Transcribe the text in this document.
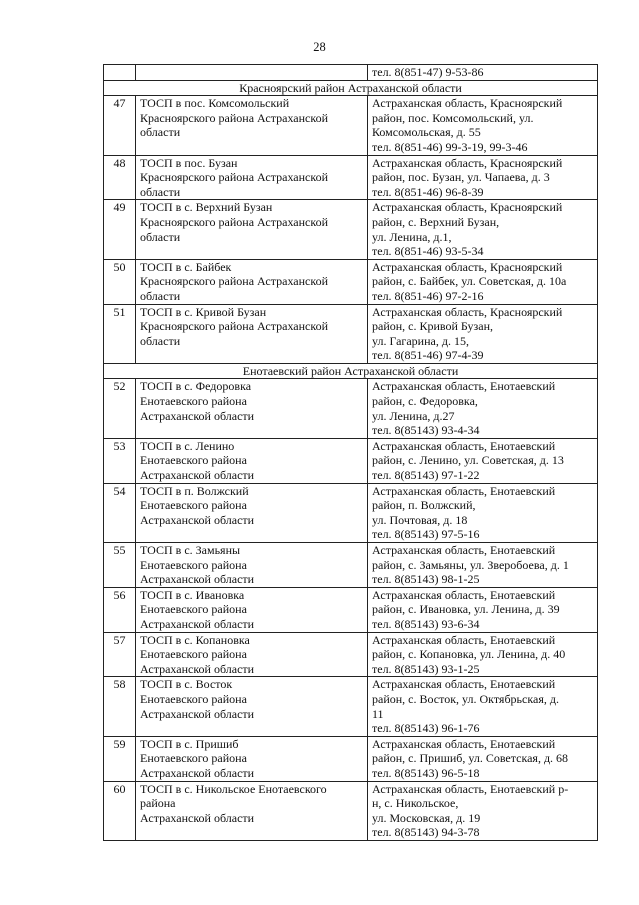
28

		тел. 8(851-47) 9-53-86

Красноярский район Астраханской области		
47	ТОСП в пос. Комсомольский
Красноярского района Астраханской
области	Астраханская область, Красноярский
район, пос. Комсомольский, ул.
Комсомольская, д. 55
тел. 8(851-46) 99-3-19, 99-3-46

48	ТОСП в пос. Бузан
Красноярского района Астраханской
области	Астраханская область, Красноярский
район, пос. Бузан, ул. Чапаева, д. 3
тел. 8(851-46) 96-8-39

49	ТОСП в с. Верхний Бузан
Красноярского района Астраханской
области	Астраханская область, Красноярский
район, с. Верхний Бузан,
ул. Ленина, д.1,
тел. 8(851-46) 93-5-34

50	ТОСП в с. Байбек
Красноярского района Астраханской
области	Астраханская область, Красноярский
район, с. Байбек, ул. Советская, д. 10а
тел. 8(851-46) 97-2-16

51	ТОСП в с. Кривой Бузан
Красноярского района Астраханской
области	Астраханская область, Красноярский
район, с. Кривой Бузан,
ул. Гагарина, д. 15,
тел. 8(851-46) 97-4-39

Енотаевский район Астраханской области		
52	ТОСП в с. Федоровка
Енотаевского района
Астраханской области	Астраханская область, Енотаевский
район, с. Федоровка,
ул. Ленина, д.27
тел. 8(85143) 93-4-34

53	ТОСП в с. Ленино
Енотаевского района
Астраханской области	Астраханская область, Енотаевский
район, с. Ленино, ул. Советская, д. 13
тел. 8(85143) 97-1-22

54	ТОСП в п. Волжский
Енотаевского района
Астраханской области	Астраханская область, Енотаевский
район, п. Волжский,
ул. Почтовая, д. 18
тел. 8(85143) 97-5-16

55	ТОСП в с. Замьяны
Енотаевского района
Астраханской области	Астраханская область, Енотаевский
район, с. Замьяны, ул. Зверобоева, д. 1
тел. 8(85143) 98-1-25

56	ТОСП в с. Ивановка
Енотаевского района
Астраханской области	Астраханская область, Енотаевский
район, с. Ивановка, ул. Ленина, д. 39
тел. 8(85143) 93-6-34

57	ТОСП в с. Копановка
Енотаевского района
Астраханской области	Астраханская область, Енотаевский
район, с. Копановка, ул. Ленина, д. 40
тел. 8(85143) 93-1-25

58	ТОСП в с. Восток
Енотаевского района
Астраханской области	Астраханская область, Енотаевский
район, с. Восток, ул. Октябрьская, д.
11
тел. 8(85143) 96-1-76

59	ТОСП в с. Пришиб
Енотаевского района
Астраханской области	Астраханская область, Енотаевский
район, с. Пришиб, ул. Советская, д. 68
тел. 8(85143) 96-5-18

60	ТОСП в с. Никольское Енотаевского
района
Астраханской области	Астраханская область, Енотаевский р-
н, с. Никольское,
ул. Московская, д. 19
тел. 8(85143) 94-3-78
